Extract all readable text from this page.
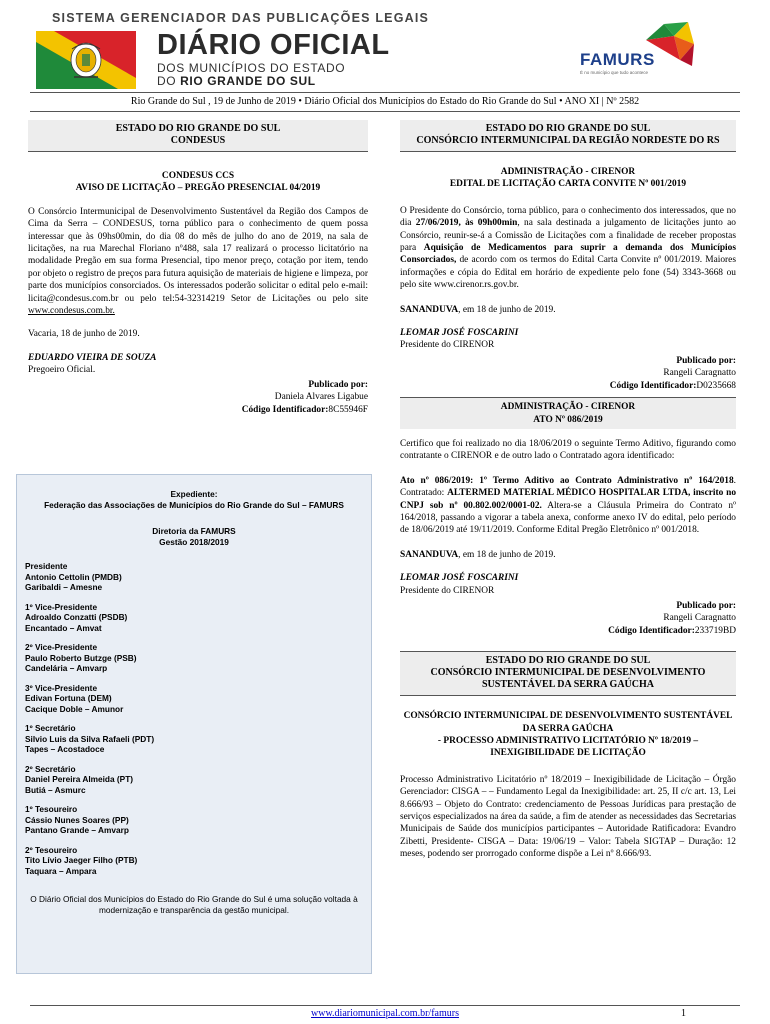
SISTEMA GERENCIADOR DAS PUBLICAÇÕES LEGAIS
DIÁRIO OFICIAL
DOS MUNICÍPIOS DO ESTADO
DO RIO GRANDE DO SUL
FAMURS
É no município que tudo acontece
Rio Grande do Sul , 19 de Junho de 2019 • Diário Oficial dos Municípios do Estado do Rio Grande do Sul • ANO XI | Nº 2582
ESTADO DO RIO GRANDE DO SUL
CONDESUS
CONDESUS CCS
AVISO DE LICITAÇÃO – PREGÃO PRESENCIAL 04/2019

O Consórcio Intermunicipal de Desenvolvimento Sustentável da Região dos Campos de Cima da Serra – CONDESUS, torna público para o conhecimento de quem possa interessar que às 09hs00min, do dia 08 do mês de julho do ano de 2019, na sala de licitações, na rua Marechal Floriano nº488, sala 17 realizará o processo licitatório na modalidade Pregão em sua forma Presencial, tipo menor preço, cotação por item, tendo por objeto o registro de preços para futura aquisição de materiais de higiene e limpeza, por parte dos municípios consorciados. Os interessados poderão solicitar o edital pelo e-mail: licita@condesus.com.br ou pelo tel:54-32314219 Setor de Licitações ou pelo site www.condesus.com.br.

Vacaria, 18 de junho de 2019.

EDUARDO VIEIRA DE SOUZA

Pregoeiro Oficial.

Publicado por:

Daniela Alvares Ligabue

Código Identificador:8C55946F

Expediente:
Federação das Associações de Municípios do Rio Grande do Sul – FAMURS
Diretoria da FAMURS
Gestão 2018/2019
Presidente
Antonio Cettolin (PMDB)
Garibaldi – Amesne
1º Vice-Presidente
Adroaldo Conzatti (PSDB)
Encantado – Amvat
2º Vice-Presidente
Paulo Roberto Butzge (PSB)
Candelária – Amvarp
3º Vice-Presidente
Edivan Fortuna (DEM)
Cacique Doble – Amunor
1º Secretário
Silvio Luis da Silva Rafaeli (PDT)
Tapes – Acostadoce
2º Secretário
Daniel Pereira Almeida (PT)
Butiá – Asmurc
1º Tesoureiro
Cássio Nunes Soares (PP)
Pantano Grande – Amvarp
2º Tesoureiro
Tito Lívio Jaeger Filho (PTB)
Taquara – Ampara
O Diário Oficial dos Municípios do Estado do Rio Grande do Sul é uma solução voltada à modernização e transparência da gestão municipal.
ESTADO DO RIO GRANDE DO SUL
CONSÓRCIO INTERMUNICIPAL DA REGIÃO NORDESTE DO RS
ADMINISTRAÇÃO - CIRENOR
EDITAL DE LICITAÇÃO CARTA CONVITE Nº 001/2019

O Presidente do Consórcio, torna público, para o conhecimento dos interessados, que no dia 27/06/2019, às 09h00min, na sala destinada a julgamento de licitações junto ao Consórcio, reunir-se-á a Comissão de Licitações com a finalidade de receber propostas para Aquisição de Medicamentos para suprir a demanda dos Municípios Consorciados, de acordo com os termos do Edital Carta Convite nº 001/2019. Maiores informações e cópia do Edital em horário de expediente pelo fone (54) 3343-3668 ou pelo site www.cirenor.rs.gov.br.

SANANDUVA, em 18 de junho de 2019.

LEOMAR JOSÉ FOSCARINI

Presidente do CIRENOR

Publicado por:

Rangeli Caragnatto

Código Identificador:D0235668

ADMINISTRAÇÃO - CIRENOR
ATO Nº 086/2019

Certifico que foi realizado no dia 18/06/2019 o seguinte Termo Aditivo, figurando como contratante o CIRENOR e de outro lado o Contratado agora identificado:

Ato nº 086/2019: 1º Termo Aditivo ao Contrato Administrativo nº 164/2018. Contratado: ALTERMED MATERIAL MÉDICO HOSPITALAR LTDA, inscrito no CNPJ sob nº 00.802.002/0001-02. Altera-se a Cláusula Primeira do Contrato nº 164/2018, passando a vigorar a tabela anexa, conforme anexo IV do edital, pelo período de 18/06/2019 até 19/11/2019. Conforme Edital Pregão Eletrônico nº 001/2018.

SANANDUVA, em 18 de junho de 2019.

LEOMAR JOSÉ FOSCARINI

Presidente do CIRENOR

Publicado por:

Rangeli Caragnatto

Código Identificador:233719BD

ESTADO DO RIO GRANDE DO SUL
CONSÓRCIO INTERMUNICIPAL DE DESENVOLVIMENTO SUSTENTÁVEL DA SERRA GAÚCHA
CONSÓRCIO INTERMUNICIPAL DE DESENVOLVIMENTO SUSTENTÁVEL DA SERRA GAÚCHA
- PROCESSO ADMINISTRATIVO LICITATÓRIO Nº 18/2019 – INEXIGIBILIDADE DE LICITAÇÃO

Processo Administrativo Licitatório nº 18/2019 – Inexigibilidade de Licitação – Órgão Gerenciador: CISGA – – Fundamento Legal da Inexigibilidade: art. 25, II c/c art. 13, Lei 8.666/93 – Objeto do Contrato: credenciamento de Pessoas Jurídicas para prestação de serviços especializados na área da saúde, a fim de atender as necessidades das Secretarias Municipais de Saúde dos municípios participantes – Autoridade Ratificadora: Evandro Zibetti, Presidente- CISGA – Data: 19/06/19 – Valor: Tabela SIGTAP – Duração: 12 meses, podendo ser prorrogado conforme dispõe a Lei nº 8.666/93.

www.diariomunicipal.com.br/famurs	1
